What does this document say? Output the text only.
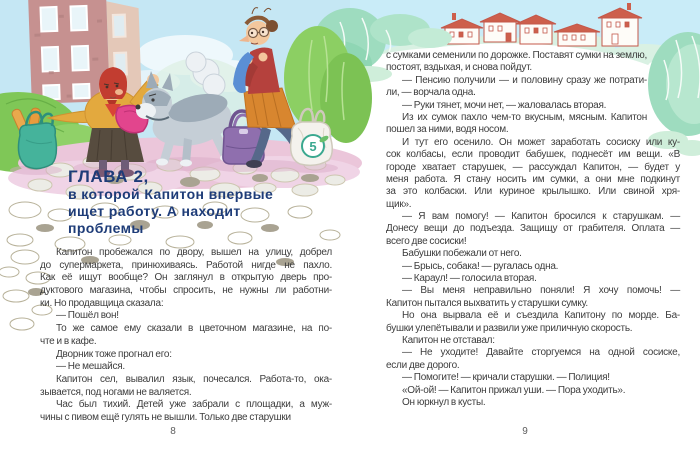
5
ГЛАВА 2,
в которой Капитон впервые
ищет работу. А находит
проблемы
Капитон пробежался по двору, вышел на улицу, добрел
до супермаркета, принюхиваясь. Работой нигде не пахло.
Как её ищут вообще? Он заглянул в открытую дверь про-
дуктового магазина, чтобы спросить, не нужны ли работни-
ки. Но продавщица сказала:
— Пошёл вон!
То же самое ему сказали в цветочном магазине, на по-
чте и в кафе.
Дворник тоже прогнал его:
— Не мешайся.
Капитон сел, вывалил язык, почесался. Работа-то, ока-
зывается, под ногами не валяется.
Час был тихий. Детей уже забрали с площадки, а муж-
чины с пивом ещё гулять не вышли. Только две старушки
с сумками семенили по дорожке. Поставят сумки на землю,
постоят, вздыхая, и снова пойдут.
— Пенсию получили — и половину сразу же потрати-
ли, — ворчала одна.
— Руки тянет, мочи нет, — жаловалась вторая.
Из их сумок пахло чем-то вкусным, мясным. Капитон
пошел за ними, водя носом.
И тут его осенило. Он может заработать сосиску или ку-
сок колбасы, если проводит бабушек, поднесёт им вещи. «В
городе хватает старушек, — рассуждал Капитон, — будет у
меня работа. Я стану носить им сумки, а они мне подкинут
за это колбаски. Или куриное крылышко. Или свиной хря-
щик».
— Я вам помогу! — Капитон бросился к старушкам. —
Донесу вещи до подъезда. Защищу от грабителя. Оплата —
всего две сосиски!
Бабушки побежали от него.
— Брысь, собака! — ругалась одна.
— Караул! — голосила вторая.
— Вы меня неправильно поняли! Я хочу помочь! —
Капитон пытался выхватить у старушки сумку.
Но она вырвала её и съездила Капитону по морде. Ба-
бушки улепётывали и развили уже приличную скорость.
Капитон не отставал:
— Не уходите! Давайте сторгуемся на одной сосиске,
если две дорого.
— Помогите! — кричали старушки. — Полиция!
«Ой-ой! — Капитон прижал уши. — Пора уходить».
Он юркнул в кусты.
8	9
